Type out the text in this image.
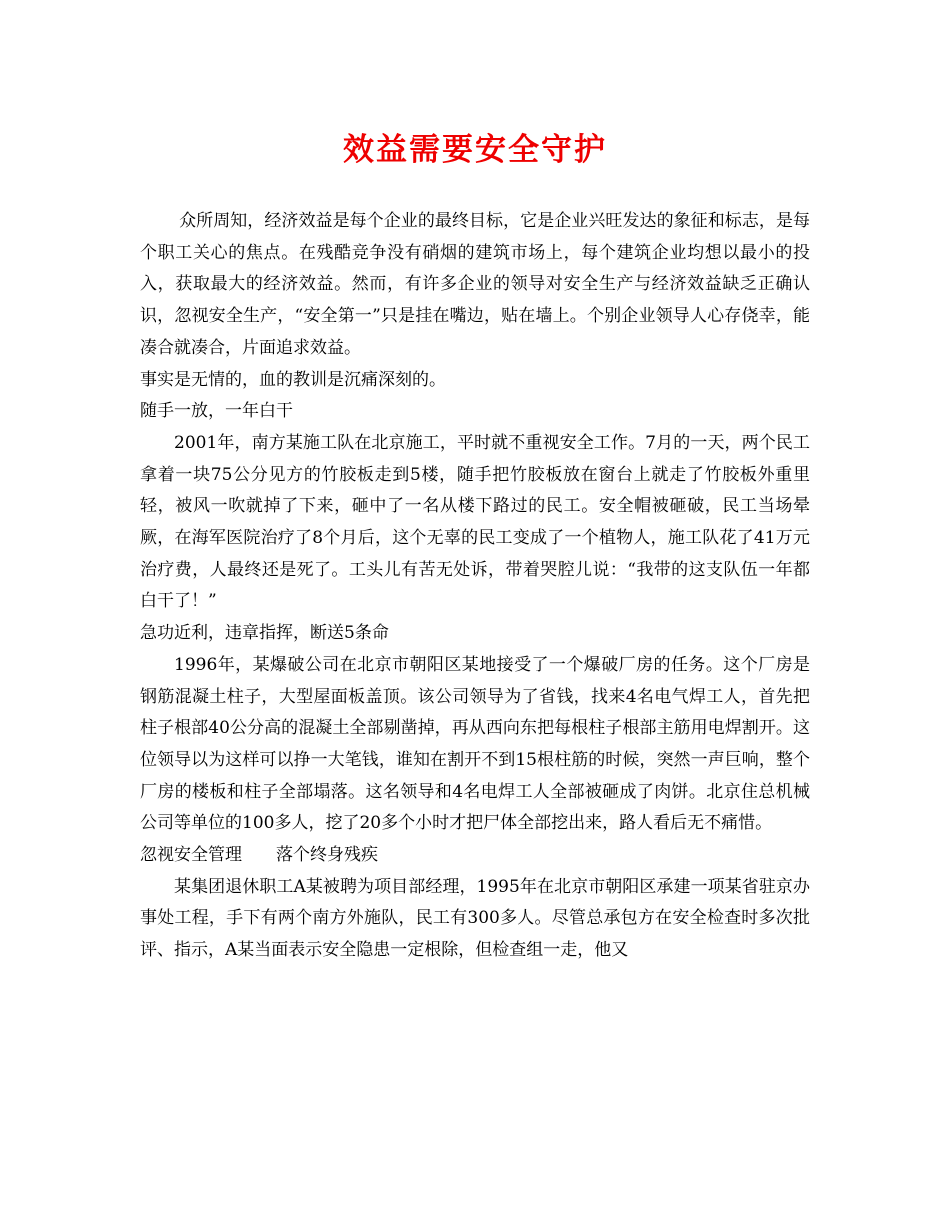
效益需要安全守护

众所周知，经济效益是每个企业的最终目标，它是企业兴旺发达的象征和标志，是每个职工关心的焦点。在残酷竞争没有硝烟的建筑市场上，每个建筑企业均想以最小的投入，获取最大的经济效益。然而，有许多企业的领导对安全生产与经济效益缺乏正确认识，忽视安全生产，“安全第一”只是挂在嘴边，贴在墙上。个别企业领导人心存侥幸，能凑合就凑合，片面追求效益。

事实是无情的，血的教训是沉痛深刻的。

随手一放，一年白干

2001年，南方某施工队在北京施工，平时就不重视安全工作。7月的一天，两个民工拿着一块75公分见方的竹胶板走到5楼，随手把竹胶板放在窗台上就走了竹胶板外重里轻，被风一吹就掉了下来，砸中了一名从楼下路过的民工。安全帽被砸破，民工当场晕厥，在海军医院治疗了8个月后，这个无辜的民工变成了一个植物人，施工队花了41万元治疗费，人最终还是死了。工头儿有苦无处诉，带着哭腔儿说：“我带的这支队伍一年都白干了！”

急功近利，违章指挥，断送5条命

1996年，某爆破公司在北京市朝阳区某地接受了一个爆破厂房的任务。这个厂房是钢筋混凝土柱子，大型屋面板盖顶。该公司领导为了省钱，找来4名电气焊工人，首先把柱子根部40公分高的混凝土全部剔凿掉，再从西向东把每根柱子根部主筋用电焊割开。这位领导以为这样可以挣一大笔钱，谁知在割开不到15根柱筋的时候，突然一声巨响，整个厂房的楼板和柱子全部塌落。这名领导和4名电焊工人全部被砸成了肉饼。北京住总机械公司等单位的100多人，挖了20多个小时才把尸体全部挖出来，路人看后无不痛惜。

忽视安全管理　　落个终身残疾

某集团退休职工A某被聘为项目部经理，1995年在北京市朝阳区承建一项某省驻京办事处工程，手下有两个南方外施队，民工有300多人。尽管总承包方在安全检查时多次批评、指示，A某当面表示安全隐患一定根除，但检查组一走，他又
